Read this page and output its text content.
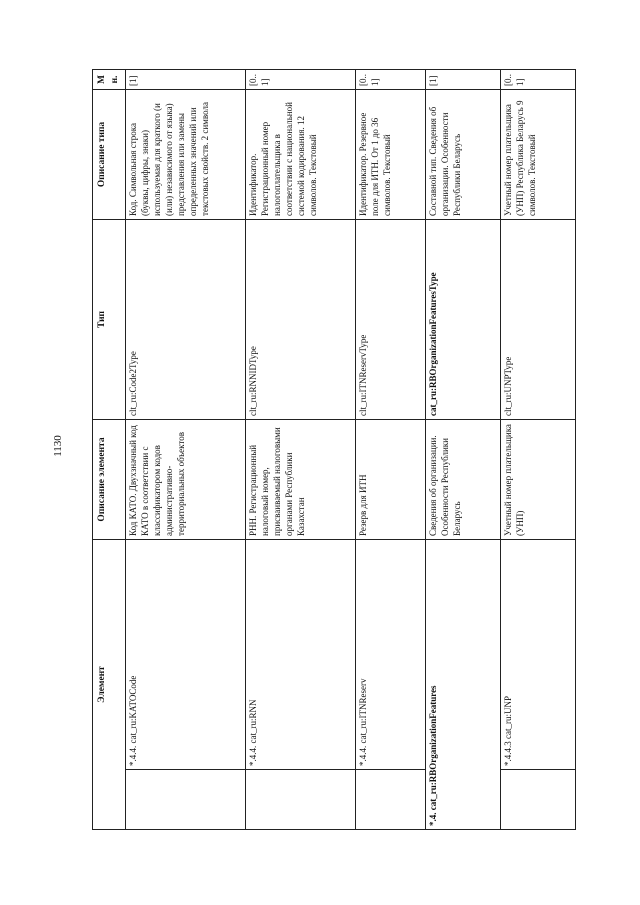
1130
Элемент		Описание элемента	Тип	Описание типа	Мн.
	*.4.4. cat_ru:KATOCode	Код КАТО. Двухзначный код КАТО в соответствии с классификатором кодов административно-территориальных объектов	clt_ru:Code2Type	Код. Символьная строка (буквы, цифры, знаки) используемая для краткого (и (или) независимого от языка) представления или замены определенных значений или текстовых свойств. 2 символа	[1]
	*.4.4. cat_ru:RNN	РНН. Регистрационный налоговый номер, присваиваемый налоговыми органами Республики Казахстан	clt_ru:RNNIDType	Идентификатор. Регистрационный номер налогоплательщика в соответствии с национальной системой кодирования. 12 символов. Текстовый	[0..1]
	*.4.4. cat_ru:ITNReserv	Резерв для ИТН	clt_ru:ITNReservType	Идентификатор. Резервное поле для ИТН. От 1 до 36 символов. Текстовый	[0..1]
*.4. cat_ru:RBOrganizationFeatures		Сведения об организации. Особенности Республики Беларусь	cat_ru:RBOrganizationFeaturesType	Составной тип. Сведения об организации. Особенности Республики Беларусь	[1]
	*.4.4.3 cat_ru:UNP	Учетный номер плательщика (УНП)	clt_ru:UNPType	Учетный номер плательщика (УНП) Республика Беларусь 9 символов. Текстовый	[0..1]
